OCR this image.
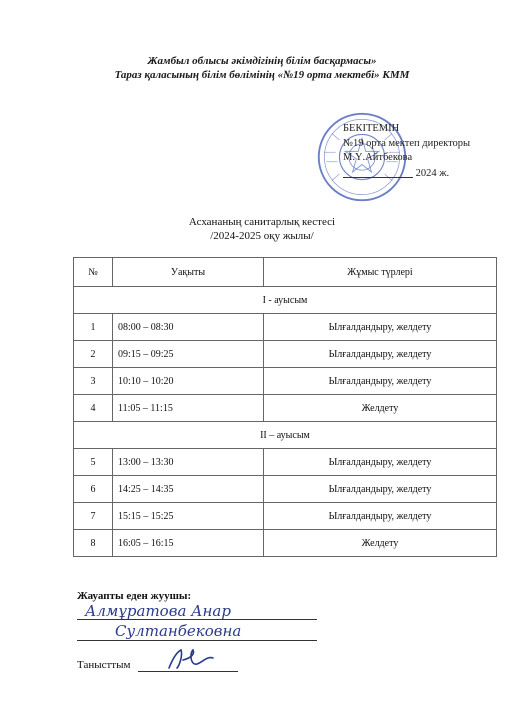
Жамбыл облысы әкімдігінің білім басқармасы»
Тараз қаласының білім бөлімінің «№19 орта мектебі» КММ
БЕКІТЕМІН
№19 орта мектеп директоры
М.Ү.Айтбекова
2024 ж.
Асхананың санитарлық кестесі
/2024-2025 оқу жылы/
№	Уақыты	Жұмыс түрлері
I - ауысым		
1	08:00 – 08:30	Ылғалдандыру, желдету
2	09:15 – 09:25	Ылғалдандыру, желдету
3	10:10 – 10:20	Ылғалдандыру, желдету
4	11:05 – 11:15	Желдету
II – ауысым		
5	13:00 – 13:30	Ылғалдандыру, желдету
6	14:25 – 14:35	Ылғалдандыру, желдету
7	15:15 – 15:25	Ылғалдандыру, желдету
8	16:05 – 16:15	Желдету
Жауапты еден жуушы:
Алмұратова Анар
Султанбековна
Танысттым
